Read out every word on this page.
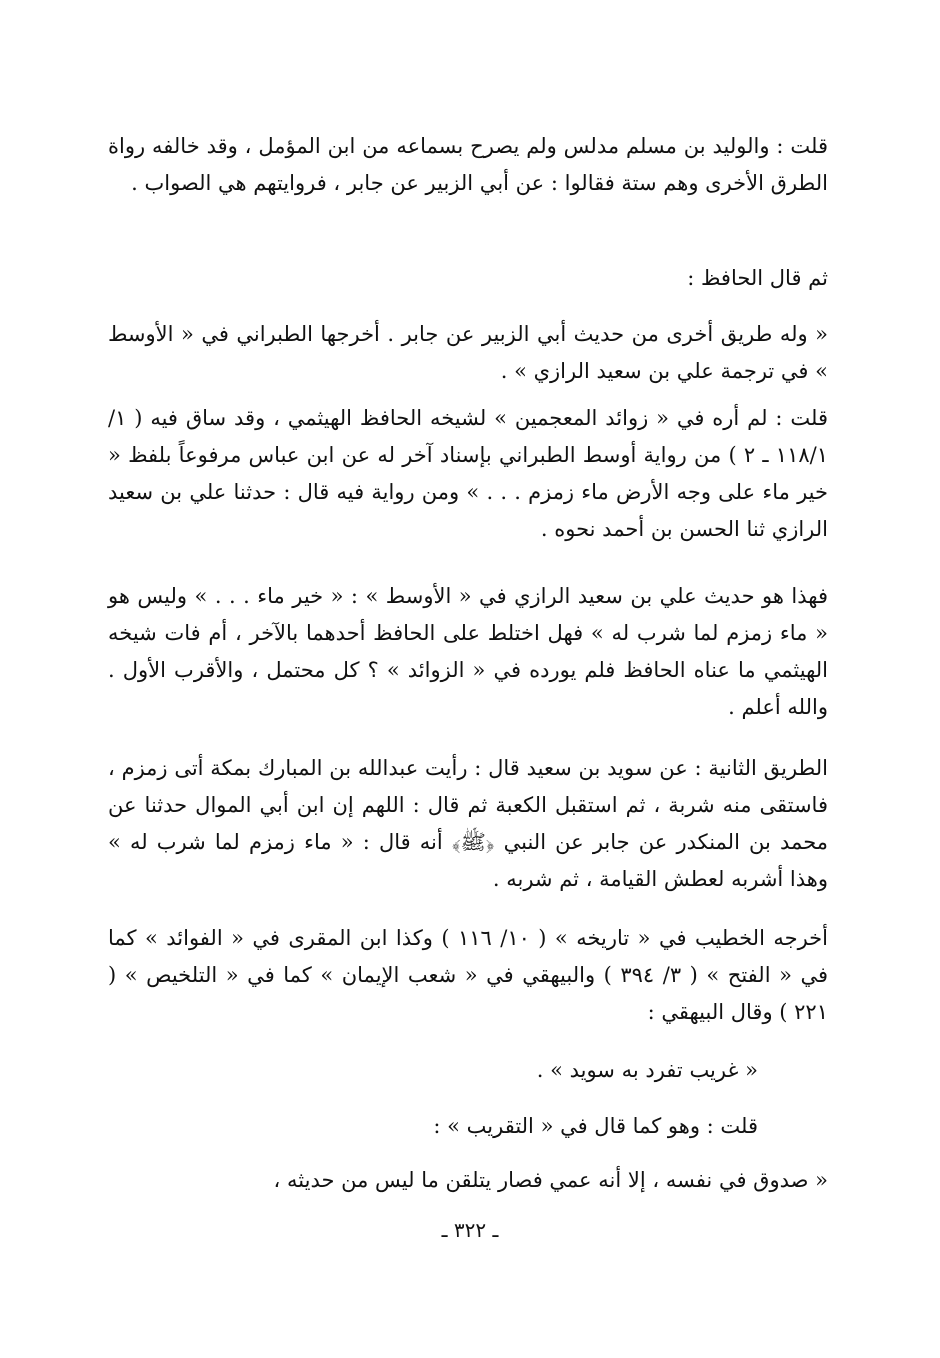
قلت : والوليد بن مسلم مدلس ولم يصرح بسماعه من ابن المؤمل ، وقد خالفه رواة الطرق الأخرى وهم ستة فقالوا : عن أبي الزبير عن جابر ، فروايتهم هي الصواب .

ثم قال الحافظ :

« وله طريق أخرى من حديث أبي الزبير عن جابر . أخرجها الطبراني في « الأوسط » في ترجمة علي بن سعيد الرازي » .

قلت : لم أره في « زوائد المعجمين » لشيخه الحافظ الهيثمي ، وقد ساق فيه ( ١/ ١١٨/١ ـ ٢ ) من رواية أوسط الطبراني بإسناد آخر له عن ابن عباس مرفوعاً بلفظ « خير ماء على وجه الأرض ماء زمزم . . . » ومن رواية فيه قال : حدثنا علي بن سعيد الرازي ثنا الحسن بن أحمد نحوه .

فهذا هو حديث علي بن سعيد الرازي في « الأوسط » : « خير ماء . . . » وليس هو « ماء زمزم لما شرب له » فهل اختلط على الحافظ أحدهما بالآخر ، أم فات شيخه الهيثمي ما عناه الحافظ فلم يورده في « الزوائد » ؟ كل محتمل ، والأقرب الأول . والله أعلم .

الطريق الثانية : عن سويد بن سعيد قال : رأيت عبدالله بن المبارك بمكة أتى زمزم ، فاستقى منه شربة ، ثم استقبل الكعبة ثم قال : اللهم إن ابن أبي الموال حدثنا عن محمد بن المنكدر عن جابر عن النبي ﴿ﷺ﴾ أنه قال : « ماء زمزم لما شرب له » وهذا أشربه لعطش القيامة ، ثم شربه .

أخرجه الخطيب في « تاريخه » ( ١٠/ ١١٦ ) وكذا ابن المقرى في « الفوائد » كما في « الفتح » ( ٣/ ٣٩٤ ) والبيهقي في « شعب الإيمان » كما في « التلخيص » ( ٢٢١ ) وقال البيهقي :

« غريب تفرد به سويد » .

قلت : وهو كما قال في « التقريب » :

« صدوق في نفسه ، إلا أنه عمي فصار يتلقن ما ليس من حديثه ،

ـ ٣٢٢ ـ
